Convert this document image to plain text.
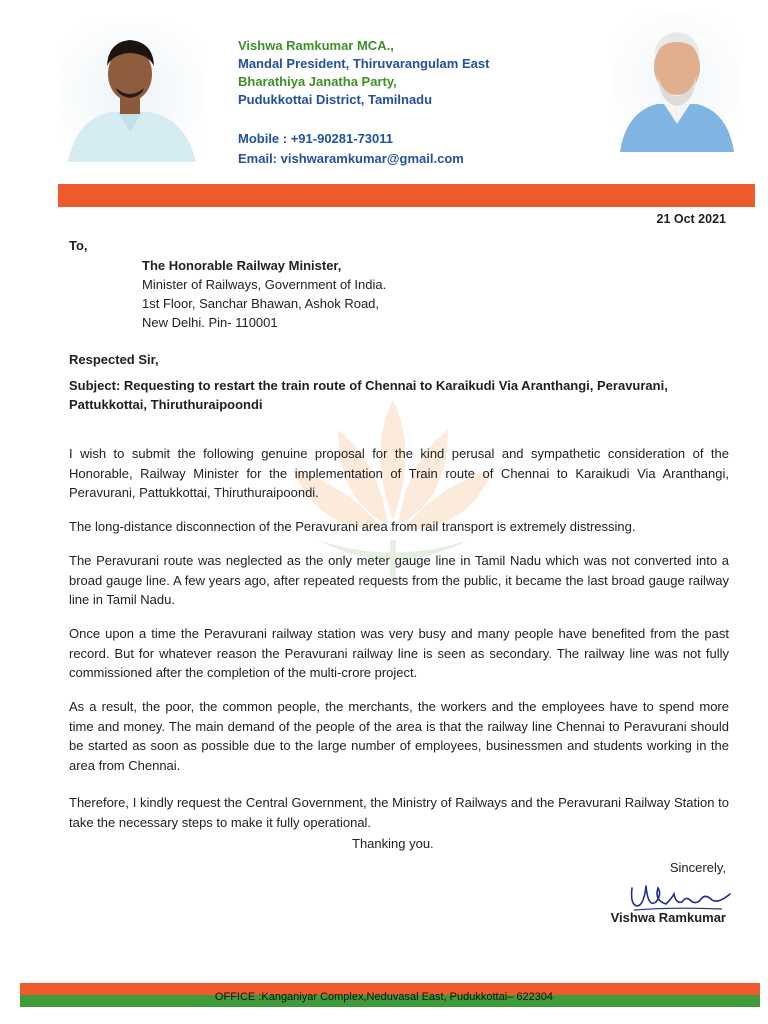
Vishwa Ramkumar MCA.,
Mandal President, Thiruvarangulam East
Bharathiya Janatha Party,
Pudukkottai District, Tamilnadu
Mobile : +91-90281-73011
Email: vishwaramkumar@gmail.com
21 Oct 2021
To,
The Honorable Railway Minister,
Minister of Railways, Government of India.
1st Floor, Sanchar Bhawan, Ashok Road,
New Delhi. Pin- 110001
Respected Sir,
Subject: Requesting to restart the train route of Chennai to Karaikudi Via Aranthangi, Peravurani, Pattukkottai, Thiruthuraipoondi
I wish to submit the following genuine proposal for the kind perusal and sympathetic consideration of the Honorable, Railway Minister for the implementation of Train route of Chennai to Karaikudi Via Aranthangi, Peravurani, Pattukkottai, Thiruthuraipoondi.
The long-distance disconnection of the Peravurani area from rail transport is extremely distressing.
The Peravurani route was neglected as the only meter gauge line in Tamil Nadu which was not converted into a broad gauge line. A few years ago, after repeated requests from the public, it became the last broad gauge railway line in Tamil Nadu.
Once upon a time the Peravurani railway station was very busy and many people have benefited from the past record. But for whatever reason the Peravurani railway line is seen as secondary. The railway line was not fully commissioned after the completion of the multi-crore project.
As a result, the poor, the common people, the merchants, the workers and the employees have to spend more time and money. The main demand of the people of the area is that the railway line Chennai to Peravurani should be started as soon as possible due to the large number of employees, businessmen and students working in the area from Chennai.
Therefore, I kindly request the Central Government, the Ministry of Railways and the Peravurani Railway Station to take the necessary steps to make it fully operational.
Thanking you.
Sincerely,
Vishwa Ramkumar
OFFICE :Kanganiyar Complex,Neduvasal East, Pudukkottai– 622304
